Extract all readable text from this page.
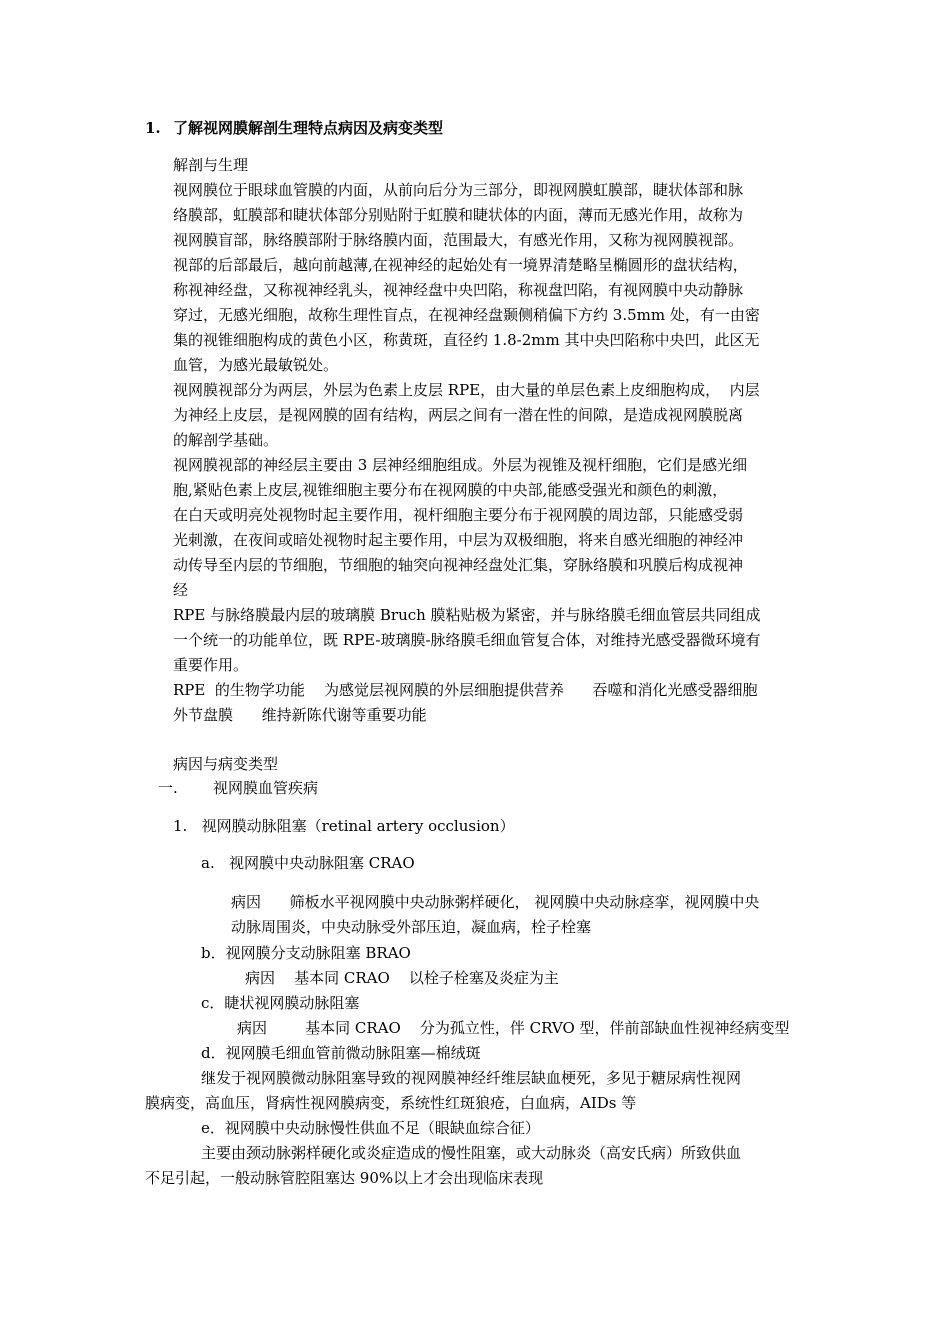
1. 了解视网膜解剖生理特点病因及病变类型
解剖与生理
视网膜位于眼球血管膜的内面，从前向后分为三部分，即视网膜虹膜部，睫状体部和脉
络膜部，虹膜部和睫状体部分别贴附于虹膜和睫状体的内面，薄而无感光作用，故称为
视网膜盲部，脉络膜部附于脉络膜内面，范围最大，有感光作用，又称为视网膜视部。
视部的后部最后，越向前越薄,在视神经的起始处有一境界清楚略呈椭圆形的盘状结构，
称视神经盘，又称视神经乳头，视神经盘中央凹陷，称视盘凹陷，有视网膜中央动静脉
穿过，无感光细胞，故称生理性盲点，在视神经盘颞侧稍偏下方约 3.5mm 处，有一由密
集的视锥细胞构成的黄色小区，称黄斑，直径约 1.8-2mm 其中央凹陷称中央凹，此区无
血管，为感光最敏锐处。
视网膜视部分为两层，外层为色素上皮层 RPE，由大量的单层色素上皮细胞构成，  内层
为神经上皮层，是视网膜的固有结构，两层之间有一潜在性的间隙，是造成视网膜脱离
的解剖学基础。
视网膜视部的神经层主要由 3 层神经细胞组成。外层为视锥及视杆细胞，它们是感光细
胞,紧贴色素上皮层,视锥细胞主要分布在视网膜的中央部,能感受强光和颜色的刺激，
在白天或明亮处视物时起主要作用，视杆细胞主要分布于视网膜的周边部，只能感受弱
光刺激，在夜间或暗处视物时起主要作用，中层为双极细胞，将来自感光细胞的神经冲
动传导至内层的节细胞，节细胞的轴突向视神经盘处汇集，穿脉络膜和巩膜后构成视神
经
RPE 与脉络膜最内层的玻璃膜 Bruch 膜粘贴极为紧密，并与脉络膜毛细血管层共同组成
一个统一的功能单位，既 RPE-玻璃膜-脉络膜毛细血管复合体，对维持光感受器微环境有
重要作用。
RPE  的生物学功能    为感觉层视网膜的外层细胞提供营养      吞噬和消化光感受器细胞
外节盘膜      维持新陈代谢等重要功能
病因与病变类型
一. 视网膜血管疾病
1.   视网膜动脉阻塞（retinal artery occlusion）
a.   视网膜中央动脉阻塞 CRAO
病因      筛板水平视网膜中央动脉粥样硬化， 视网膜中央动脉痉挛，视网膜中央
动脉周围炎，中央动脉受外部压迫，凝血病，栓子栓塞
b．视网膜分支动脉阻塞 BRAO
病因    基本同 CRAO    以栓子栓塞及炎症为主
c．睫状视网膜动脉阻塞
病因        基本同 CRAO    分为孤立性，伴 CRVO 型，伴前部缺血性视神经病变型
d．视网膜毛细血管前微动脉阻塞—棉绒斑
继发于视网膜微动脉阻塞导致的视网膜神经纤维层缺血梗死，多见于糖尿病性视网
膜病变，高血压，肾病性视网膜病变，系统性红斑狼疮，白血病，AIDs 等
e．视网膜中央动脉慢性供血不足（眼缺血综合征）
主要由颈动脉粥样硬化或炎症造成的慢性阻塞，或大动脉炎（高安氏病）所致供血
不足引起，一般动脉管腔阻塞达 90%以上才会出现临床表现
